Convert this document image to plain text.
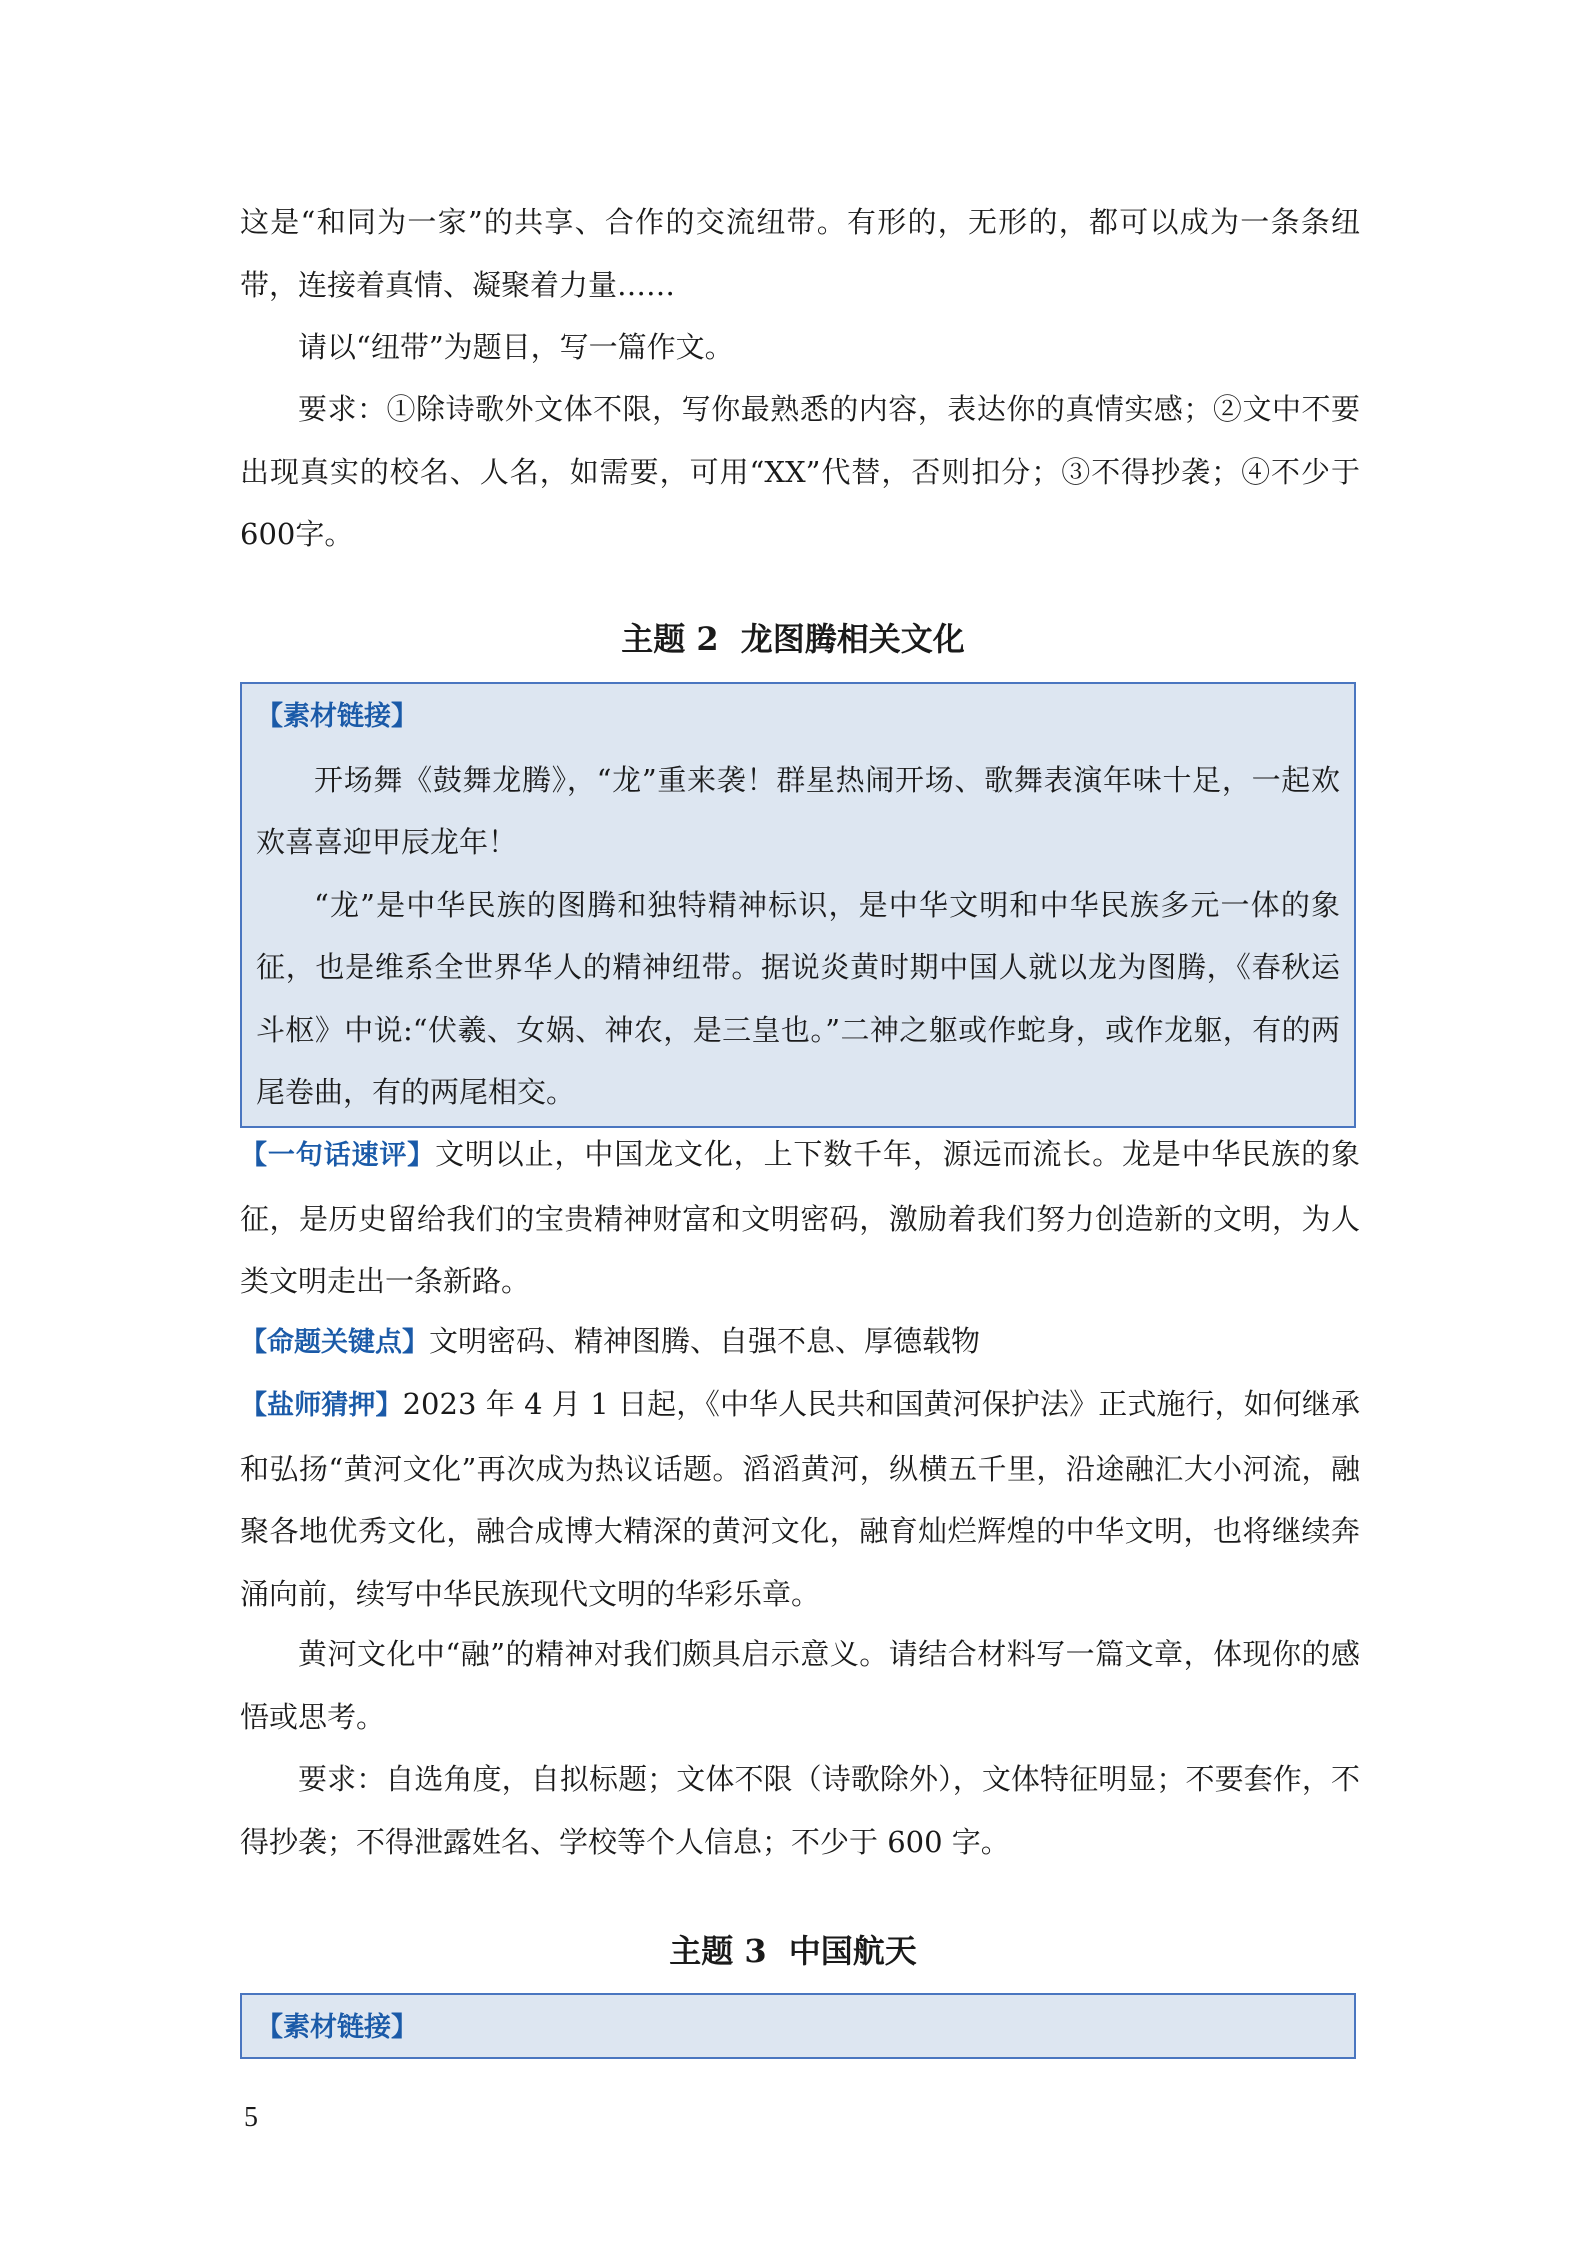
这是“和同为一家”的共享、合作的交流纽带。有形的，无形的，都可以成为一条条纽带，连接着真情、凝聚着力量……

请以“纽带”为题目，写一篇作文。

要求：①除诗歌外文体不限，写你最熟悉的内容，表达你的真情实感；②文中不要出现真实的校名、人名，如需要，可用“XX”代替，否则扣分；③不得抄袭；④不少于 600字。

主题 2 龙图腾相关文化

【素材链接】

开场舞《鼓舞龙腾》，“龙”重来袭！群星热闹开场、歌舞表演年味十足，一起欢欢喜喜迎甲辰龙年！

“龙”是中华民族的图腾和独特精神标识，是中华文明和中华民族多元一体的象征，也是维系全世界华人的精神纽带。据说炎黄时期中国人就以龙为图腾，《春秋运斗枢》中说:“伏羲、女娲、神农，是三皇也。”二神之躯或作蛇身，或作龙躯，有的两尾卷曲，有的两尾相交。

【一句话速评】文明以止，中国龙文化，上下数千年，源远而流长。龙是中华民族的象征，是历史留给我们的宝贵精神财富和文明密码，激励着我们努力创造新的文明，为人类文明走出一条新路。

【命题关键点】文明密码、精神图腾、自强不息、厚德载物

【盐师猜押】2023 年 4 月 1 日起，《中华人民共和国黄河保护法》正式施行，如何继承和弘扬“黄河文化”再次成为热议话题。滔滔黄河，纵横五千里，沿途融汇大小河流，融聚各地优秀文化，融合成博大精深的黄河文化，融育灿烂辉煌的中华文明，也将继续奔涌向前，续写中华民族现代文明的华彩乐章。

黄河文化中“融”的精神对我们颇具启示意义。请结合材料写一篇文章，体现你的感悟或思考。

要求：自选角度，自拟标题；文体不限（诗歌除外），文体特征明显；不要套作，不得抄袭；不得泄露姓名、学校等个人信息；不少于 600 字。

主题 3 中国航天

【素材链接】

5
